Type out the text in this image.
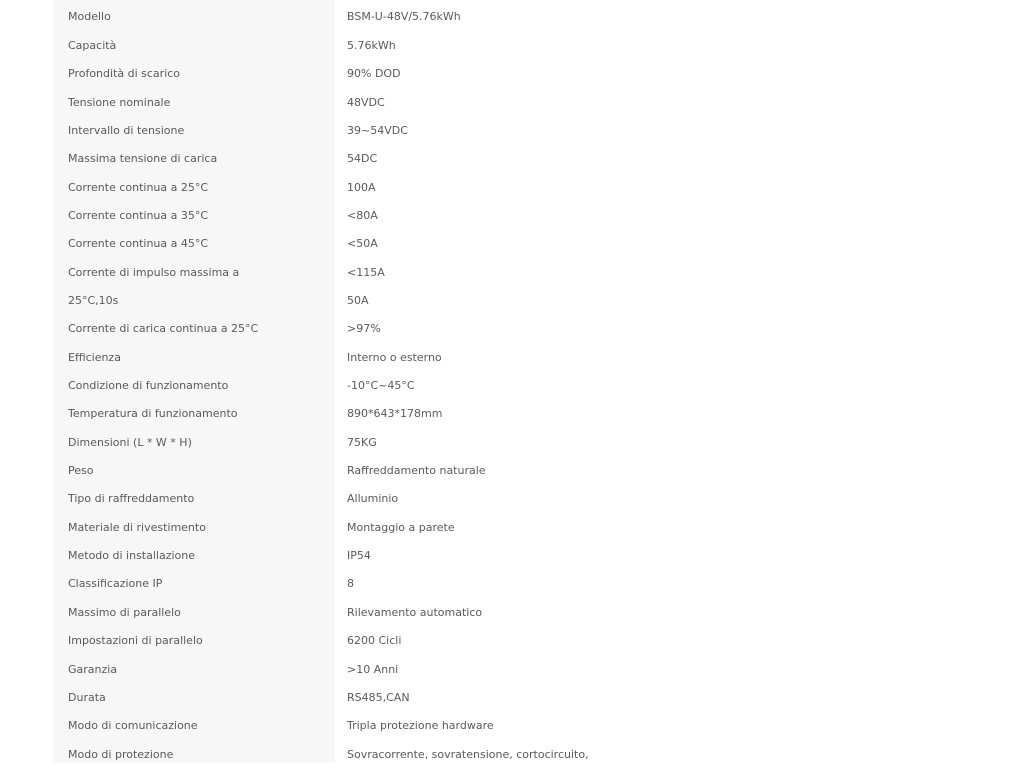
Modello	BSM-U-48V/5.76kWh
Capacità	5.76kWh
Profondità di scarico	90% DOD
Tensione nominale	48VDC
Intervallo di tensione	39~54VDC
Massima tensione di carica	54DC
Corrente continua a 25°C	100A
Corrente continua a 35°C	<80A
Corrente continua a 45°C	<50A
Corrente di impulso massima a	<115A
25°C,10s	50A
Corrente di carica continua a 25°C	>97%
Efficienza	Interno o esterno
Condizione di funzionamento	-10°C~45°C
Temperatura di funzionamento	890*643*178mm
Dimensioni (L * W * H)	75KG
Peso	Raffreddamento naturale
Tipo di raffreddamento	Alluminio
Materiale di rivestimento	Montaggio a parete
Metodo di installazione	IP54
Classificazione IP	8
Massimo di parallelo	Rilevamento automatico
Impostazioni di parallelo	6200 Cicli
Garanzia	>10 Anni
Durata	RS485,CAN
Modo di comunicazione	Tripla protezione hardware
Modo di protezione	Sovracorrente, sovratensione, cortocircuito,
